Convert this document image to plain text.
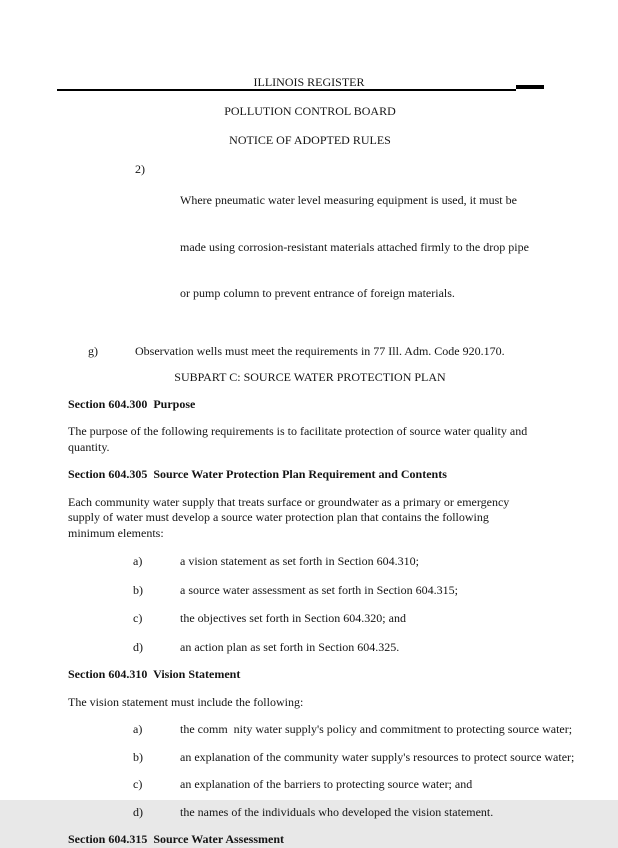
ILLINOIS REGISTER
POLLUTION CONTROL BOARD
NOTICE OF ADOPTED RULES
2)

Where pneumatic water level measuring equipment is used, it must be

made using corrosion-resistant materials attached firmly to the drop pipe

or pump column to prevent entrance of foreign materials.

g)	Observation wells must meet the requirements in 77 Ill. Adm. Code 920.170.
SUBPART C: SOURCE WATER PROTECTION PLAN
Section 604.300  Purpose
The purpose of the following requirements is to facilitate protection of source water quality and
quantity.
Section 604.305  Source Water Protection Plan Requirement and Contents
Each community water supply that treats surface or groundwater as a primary or emergency
supply of water must develop a source water protection plan that contains the following
minimum elements:
a)	a vision statement as set forth in Section 604.310;
b)	a source water assessment as set forth in Section 604.315;
c)	the objectives set forth in Section 604.320; and
d)	an action plan as set forth in Section 604.325.
Section 604.310  Vision Statement
The vision statement must include the following:
a)	the comm  nity water supply's policy and commitment to protecting source water;
b)	an explanation of the community water supply's resources to protect source water;
c)	an explanation of the barriers to protecting source water; and
d)	the names of the individuals who developed the vision statement.
Section 604.315  Source Water Assessment
